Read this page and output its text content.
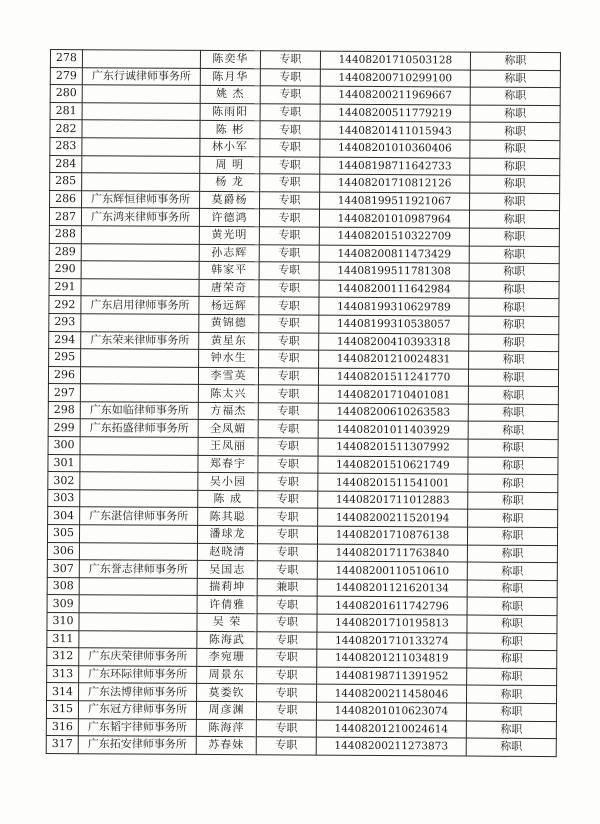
278		陈奕华	专职	14408201710503128	称职
279	广东行诚律师事务所	陈月华	专职	14408200710299100	称职
280		姚 杰	专职	14408200211969667	称职
281		陈雨阳	专职	14408200511779219	称职
282		陈 彬	专职	14408201411015943	称职
283		林小军	专职	14408201010360406	称职
284		周 明	专职	14408198711642733	称职
285		杨 龙	专职	14408201710812126	称职
286	广东辉恒律师事务所	莫爵杨	专职	14408199511921067	称职
287	广东鸿来律师事务所	许德鸿	专职	14408201010987964	称职
288		黄光明	专职	14408201510322709	称职
289		孙志辉	专职	14408200811473429	称职
290		韩家平	专职	14408199511781308	称职
291		唐荣奇	专职	14408200111642984	称职
292	广东启用律师事务所	杨远辉	专职	14408199310629789	称职
293		黄锦德	专职	14408199310538057	称职
294	广东荣来律师事务所	黄星东	专职	14408200410393318	称职
295		钟水生	专职	14408201210024831	称职
296		李雪英	专职	14408201511241770	称职
297		陈太兴	专职	14408201710401081	称职
298	广东如临律师事务所	方福杰	专职	14408200610263583	称职
299	广东拓盛律师事务所	全凤媚	专职	14408201011403929	称职
300		王凤丽	专职	14408201511307992	称职
301		郑春宇	专职	14408201510621749	称职
302		吴小园	专职	14408201511541001	称职
303		陈 成	专职	14408201711012883	称职
304	广东湛信律师事务所	陈其聪	专职	14408200211520194	称职
305		潘球龙	专职	14408201710876138	称职
306		赵晓清	专职	14408201711763840	称职
307	广东誉志律师事务所	吴国志	专职	14408200110510610	称职
308		揣莉坤	兼职	14408201121620134	称职
309		许倩雅	专职	14408201611742796	称职
310		吴 荣	专职	14408201710195813	称职
311		陈海武	专职	14408201710133274	称职
312	广东庆荣律师事务所	李宛珊	专职	14408201211034819	称职
313	广东环际律师事务所	周景东	专职	14408198711391952	称职
314	广东法博律师事务所	莫娄钦	专职	14408200211458046	称职
315	广东冠方律师事务所	周彦渊	专职	14408201010623074	称职
316	广东韬宇律师事务所	陈海萍	专职	14408201210024614	称职
317	广东拓安律师事务所	苏春妹	专职	14408200211273873	称职
